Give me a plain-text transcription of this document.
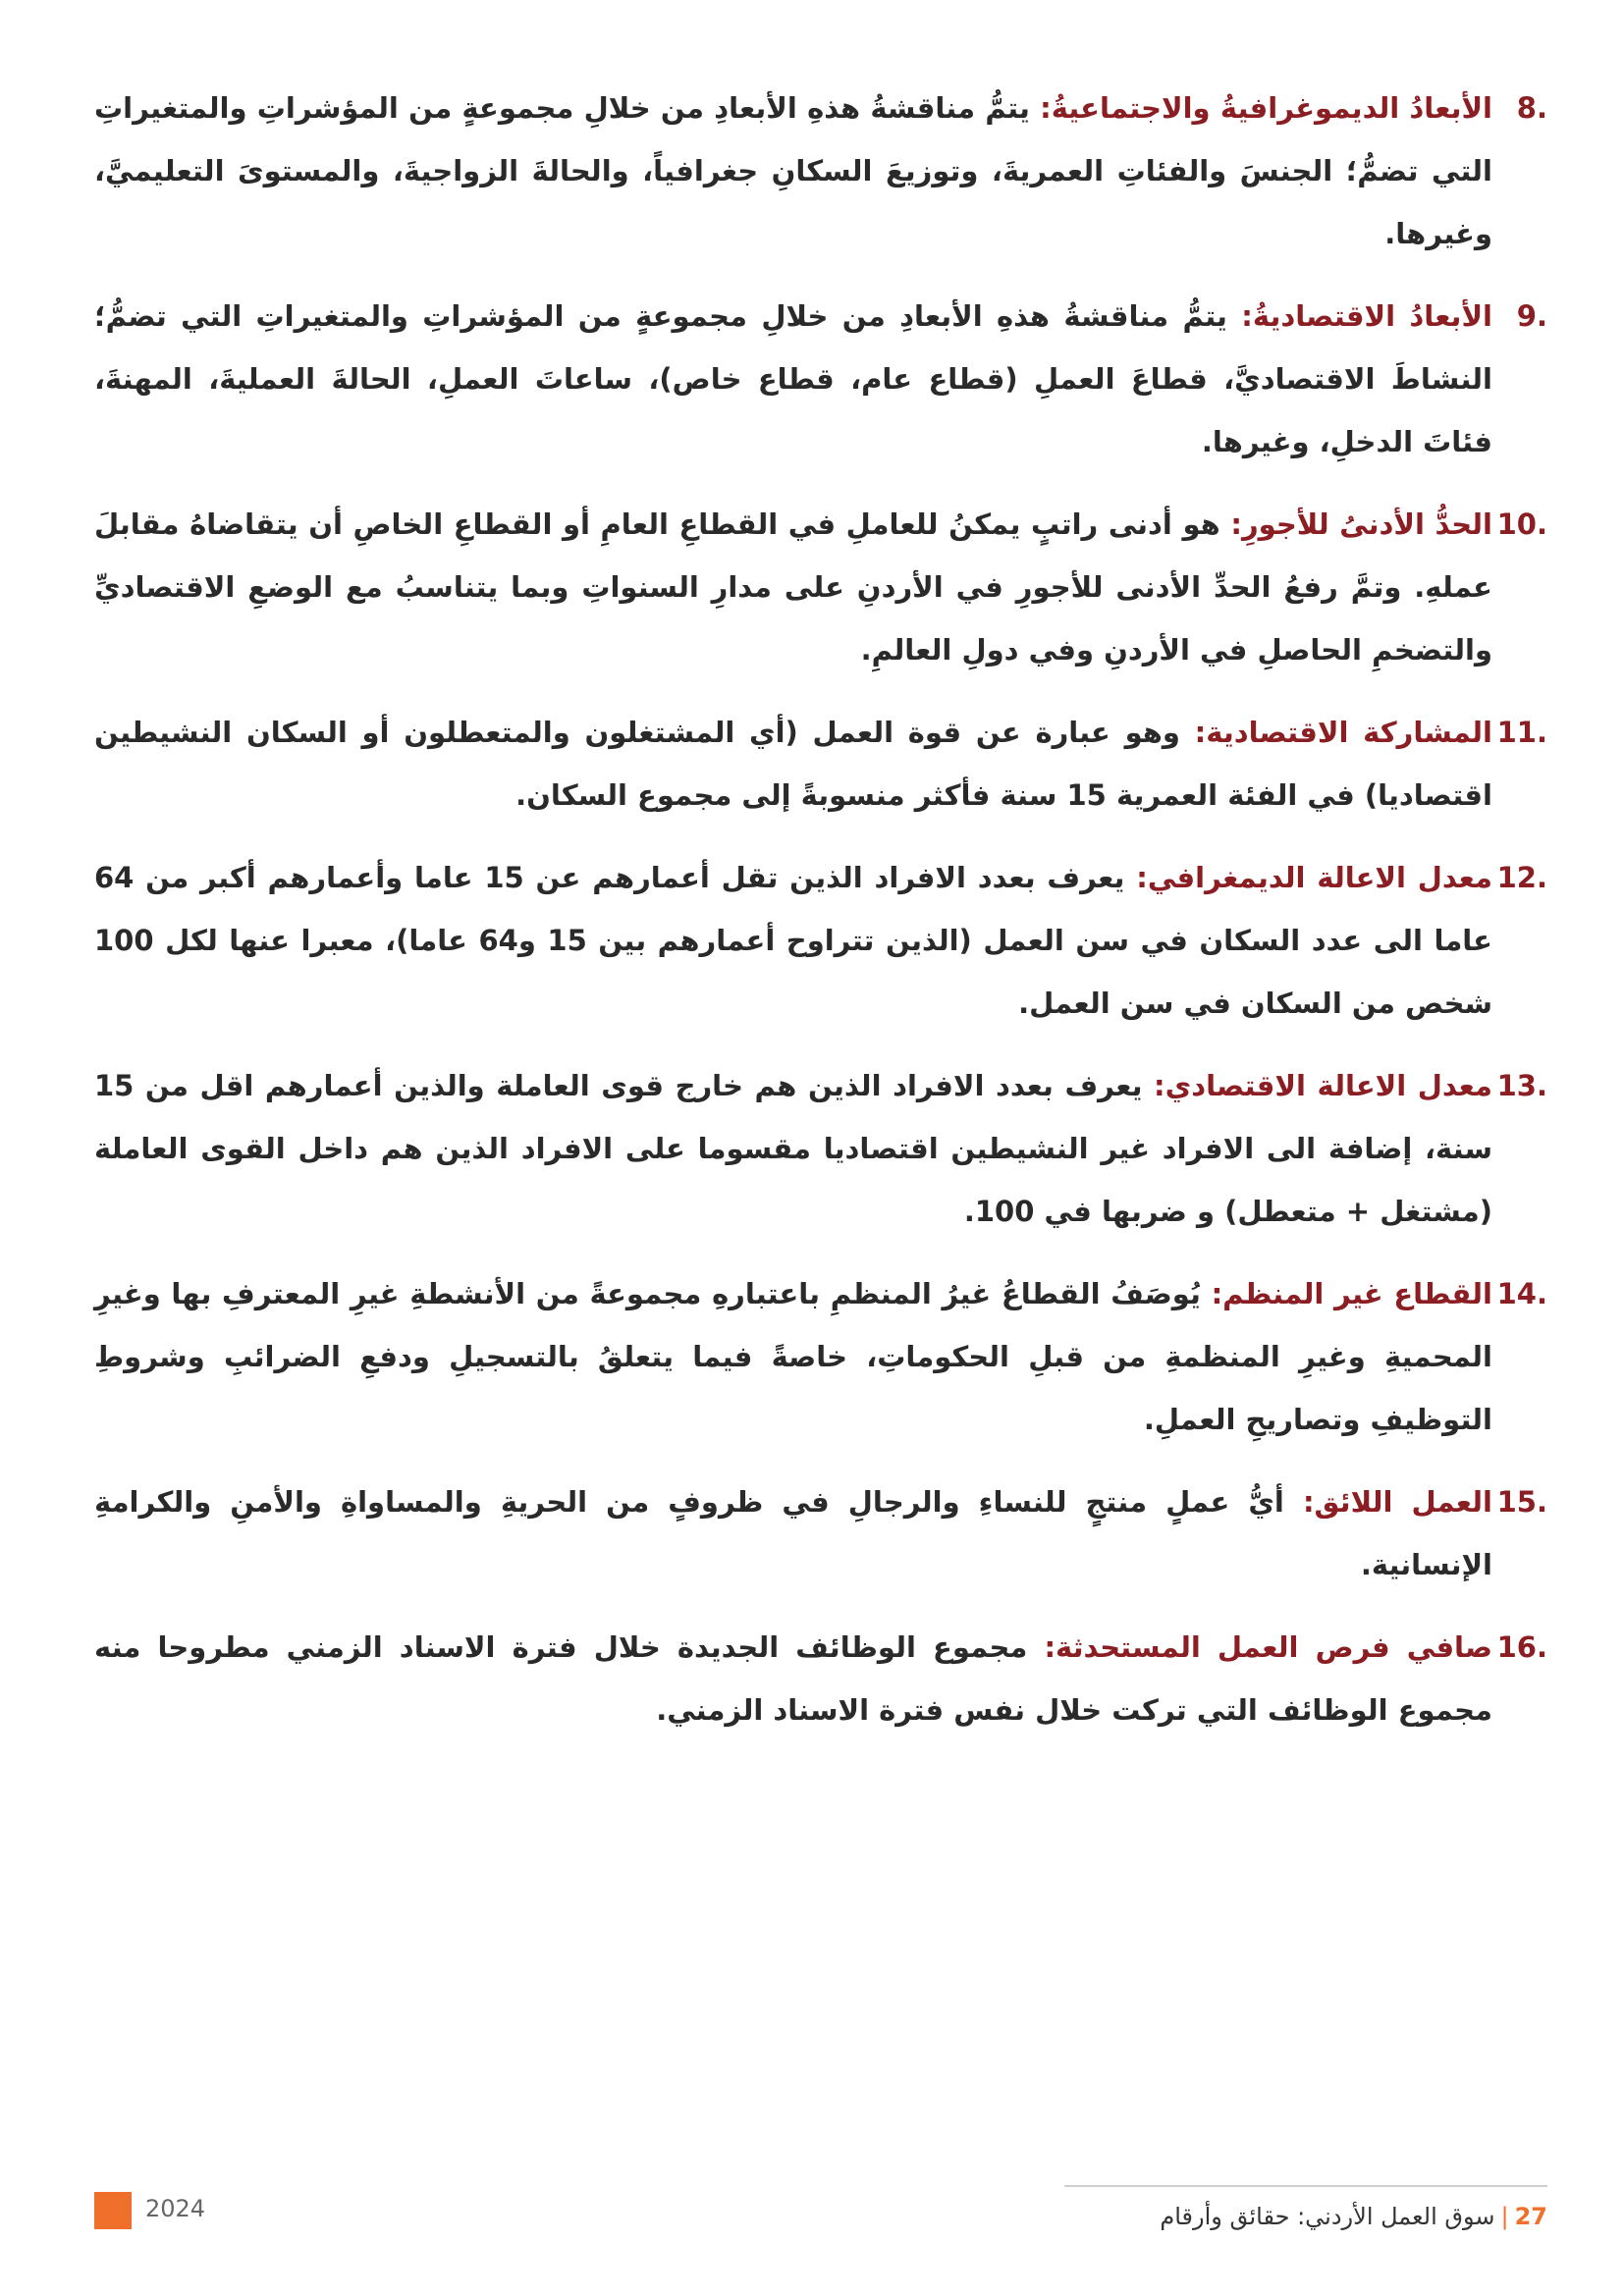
8.
الأبعادُ الديموغرافيةُ والاجتماعيةُ: يتمُّ مناقشةُ هذهِ الأبعادِ من خلالِ مجموعةٍ من المؤشراتِ والمتغيراتِ التي تضمُّ؛ الجنسَ والفئاتِ العمريةَ، وتوزيعَ السكانِ جغرافياً، والحالةَ الزواجيةَ، والمستوىَ التعليميَّ، وغيرها.
9.
الأبعادُ الاقتصاديةُ: يتمُّ مناقشةُ هذهِ الأبعادِ من خلالِ مجموعةٍ من المؤشراتِ والمتغيراتِ التي تضمُّ؛ النشاطَ الاقتصاديَّ، قطاعَ العملِ (قطاع عام، قطاع خاص)، ساعاتَ العملِ، الحالةَ العمليةَ، المهنةَ، فئاتَ الدخلِ، وغيرها.
10.
الحدُّ الأدنىُ للأجورِ: هو أدنى راتبٍ يمكنُ للعاملِ في القطاعِ العامِ أو القطاعِ الخاصِ أن يتقاضاهُ مقابلَ عملهِ. وتمَّ رفعُ الحدِّ الأدنى للأجورِ في الأردنِ على مدارِ السنواتِ وبما يتناسبُ مع الوضعِ الاقتصاديِّ والتضخمِ الحاصلِ في الأردنِ وفي دولِ العالمِ.
11.
المشاركة الاقتصادية: وهو عبارة عن قوة العمل (أي المشتغلون والمتعطلون أو السكان النشيطين اقتصاديا) في الفئة العمرية 15 سنة فأكثر منسوبةً إلى مجموع السكان.
12.
معدل الاعالة الديمغرافي: يعرف بعدد الافراد الذين تقل أعمارهم عن 15 عاما وأعمارهم أكبر من 64 عاما الى عدد السكان في سن العمل (الذين تتراوح أعمارهم بين 15 و64 عاما)، معبرا عنها لكل 100 شخص من السكان في سن العمل.
13.
معدل الاعالة الاقتصادي: يعرف بعدد الافراد الذين هم خارج قوى العاملة والذين أعمارهم اقل من 15 سنة، إضافة الى الافراد غير النشيطين اقتصاديا مقسوما على الافراد الذين هم داخل القوى العاملة (مشتغل + متعطل) و ضربها في 100.
14.
القطاع غير المنظم: يُوصَفُ القطاعُ غيرُ المنظمِ باعتبارهِ مجموعةً من الأنشطةِ غيرِ المعترفِ بها وغيرِ المحميةِ وغيرِ المنظمةِ من قبلِ الحكوماتِ، خاصةً فيما يتعلقُ بالتسجيلِ ودفعِ الضرائبِ وشروطِ التوظيفِ وتصاريحِ العملِ.
15.
العمل اللائق: أيُّ عملٍ منتجٍ للنساءِ والرجالِ في ظروفٍ من الحريةِ والمساواةِ والأمنِ والكرامةِ الإنسانية.
16.
صافي فرص العمل المستحدثة: مجموع الوظائف الجديدة خلال فترة الاسناد الزمني مطروحا منه مجموع الوظائف التي تركت خلال نفس فترة الاسناد الزمني.
2024	27|سوق العمل الأردني: حقائق وأرقام
